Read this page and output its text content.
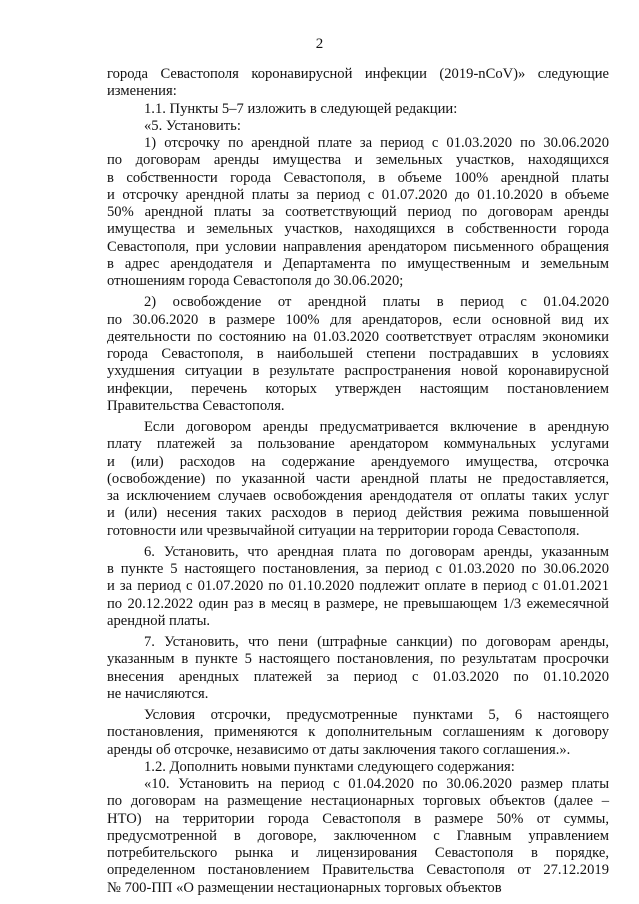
2
города Севастополя коронавирусной инфекции (2019-nCoV)» следующие
изменения:
1.1. Пункты 5–7 изложить в следующей редакции:
«5. Установить:
1) отсрочку по арендной плате за период с 01.03.2020 по 30.06.2020
по договорам аренды имущества и земельных участков, находящихся
в собственности города Севастополя, в объеме 100% арендной платы
и отсрочку арендной платы за период с 01.07.2020 до 01.10.2020 в объеме
50% арендной платы за соответствующий период по договорам аренды
имущества и земельных участков, находящихся в собственности города
Севастополя, при условии направления арендатором письменного обращения
в адрес арендодателя и Департамента по имущественным и земельным
отношениям города Севастополя до 30.06.2020;
2) освобождение от арендной платы в период с 01.04.2020
по 30.06.2020 в размере 100% для арендаторов, если основной вид их
деятельности по состоянию на 01.03.2020 соответствует отраслям экономики
города Севастополя, в наибольшей степени пострадавших в условиях
ухудшения ситуации в результате распространения новой коронавирусной
инфекции, перечень которых утвержден настоящим постановлением
Правительства Севастополя.
Если договором аренды предусматривается включение в арендную
плату платежей за пользование арендатором коммунальных услугами
и (или) расходов на содержание арендуемого имущества, отсрочка
(освобождение) по указанной части арендной платы не предоставляется,
за исключением случаев освобождения арендодателя от оплаты таких услуг
и (или) несения таких расходов в период действия режима повышенной
готовности или чрезвычайной ситуации на территории города Севастополя.
6. Установить, что арендная плата по договорам аренды, указанным
в пункте 5 настоящего постановления, за период с 01.03.2020 по 30.06.2020
и за период с 01.07.2020 по 01.10.2020 подлежит оплате в период с 01.01.2021
по 20.12.2022 один раз в месяц в размере, не превышающем 1/3 ежемесячной
арендной платы.
7. Установить, что пени (штрафные санкции) по договорам аренды,
указанным в пункте 5 настоящего постановления, по результатам просрочки
внесения арендных платежей за период с 01.03.2020 по 01.10.2020
не начисляются.
Условия отсрочки, предусмотренные пунктами 5, 6 настоящего
постановления, применяются к дополнительным соглашениям к договору
аренды об отсрочке, независимо от даты заключения такого соглашения.».
1.2. Дополнить новыми пунктами следующего содержания:
«10. Установить на период с 01.04.2020 по 30.06.2020 размер платы
по договорам на размещение нестационарных торговых объектов (далее –
НТО) на территории города Севастополя в размере 50% от суммы,
предусмотренной в договоре, заключенном с Главным управлением
потребительского рынка и лицензирования Севастополя в порядке,
определенном постановлением Правительства Севастополя от 27.12.2019
№ 700-ПП «О размещении нестационарных торговых объектов
